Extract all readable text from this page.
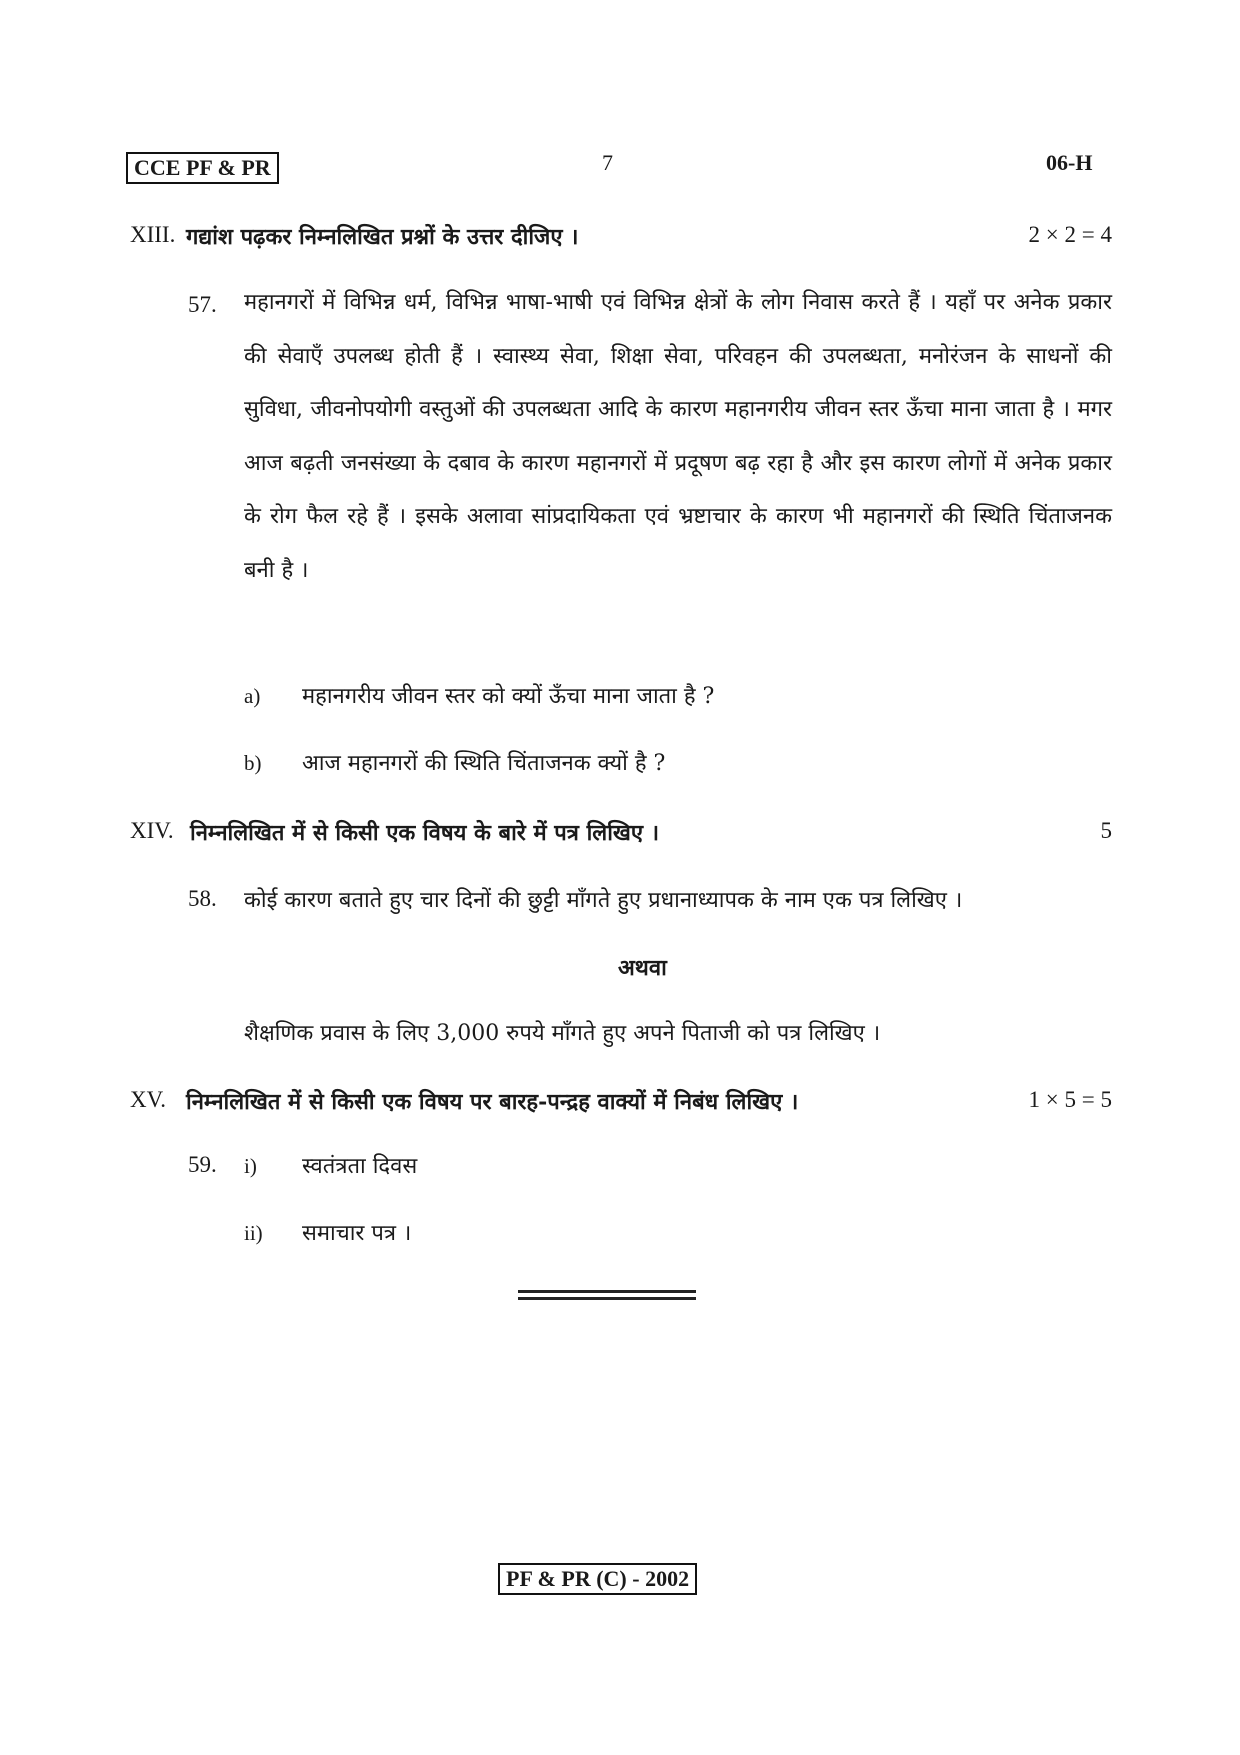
CCE PF & PR	7	06-H
XIII. गद्यांश पढ़कर निम्नलिखित प्रश्नों के उत्तर दीजिए ।	2 × 2 = 4
57. महानगरों में विभिन्न धर्म, विभिन्न भाषा-भाषी एवं विभिन्न क्षेत्रों के लोग निवास करते हैं । यहाँ पर अनेक प्रकार की सेवाएँ उपलब्ध होती हैं । स्वास्थ्य सेवा, शिक्षा सेवा, परिवहन की उपलब्धता, मनोरंजन के साधनों की सुविधा, जीवनोपयोगी वस्तुओं की उपलब्धता आदि के कारण महानगरीय जीवन स्तर ऊँचा माना जाता है । मगर आज बढ़ती जनसंख्या के दबाव के कारण महानगरों में प्रदूषण बढ़ रहा है और इस कारण लोगों में अनेक प्रकार के रोग फैल रहे हैं । इसके अलावा सांप्रदायिकता एवं भ्रष्टाचार के कारण भी महानगरों की स्थिति चिंताजनक बनी है ।
a) महानगरीय जीवन स्तर को क्यों ऊँचा माना जाता है ?
b) आज महानगरों की स्थिति चिंताजनक क्यों है ?
XIV. निम्नलिखित में से किसी एक विषय के बारे में पत्र लिखिए ।	5
58. कोई कारण बताते हुए चार दिनों की छुट्टी माँगते हुए प्रधानाध्यापक के नाम एक पत्र लिखिए ।
अथवा
शैक्षणिक प्रवास के लिए 3,000 रुपये माँगते हुए अपने पिताजी को पत्र लिखिए ।
XV. निम्नलिखित में से किसी एक विषय पर बारह-पन्द्रह वाक्यों में निबंध लिखिए ।	1 × 5 = 5
59. i) स्वतंत्रता दिवस
ii) समाचार पत्र ।
PF & PR (C) - 2002
